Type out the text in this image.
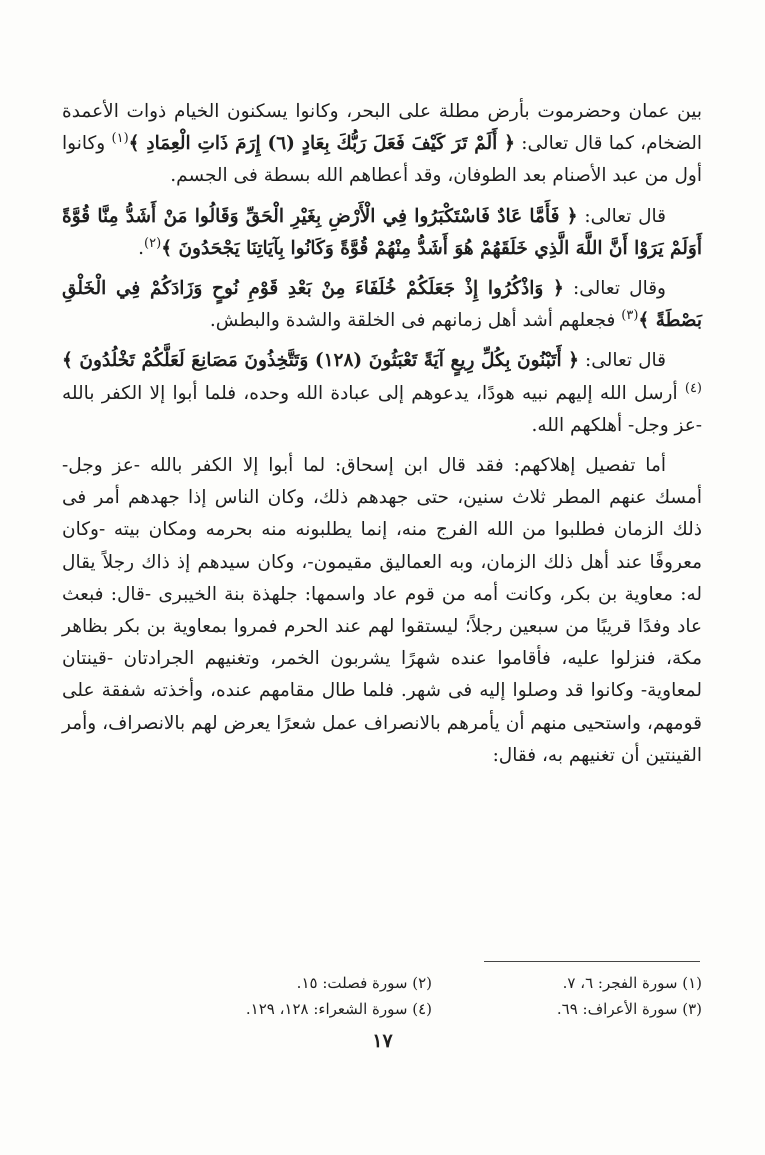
بين عمان وحضرموت بأرض مطلة على البحر، وكانوا يسكنون الخيام ذوات الأعمدة الضخام، كما قال تعالى: ﴿ أَلَمْ تَرَ كَيْفَ فَعَلَ رَبُّكَ بِعَادٍ (٦) إِرَمَ ذَاتِ الْعِمَادِ ﴾$^{(١)}$ وكانوا أول من عبد الأصنام بعد الطوفان، وقد أعطاهم الله بسطة فى الجسم.

قال تعالى: ﴿ فَأَمَّا عَادٌ فَاسْتَكْبَرُوا فِي الْأَرْضِ بِغَيْرِ الْحَقِّ وَقَالُوا مَنْ أَشَدُّ مِنَّا قُوَّةً أَوَلَمْ يَرَوْا أَنَّ اللَّهَ الَّذِي خَلَقَهُمْ هُوَ أَشَدُّ مِنْهُمْ قُوَّةً وَكَانُوا بِآيَاتِنَا يَجْحَدُونَ ﴾$^{(٢)}$.

وقال تعالى: ﴿ وَاذْكُرُوا إِذْ جَعَلَكُمْ خُلَفَاءَ مِنْ بَعْدِ قَوْمِ نُوحٍ وَزَادَكُمْ فِي الْخَلْقِ بَصْطَةً ﴾$^{(٣)}$ فجعلهم أشد أهل زمانهم فى الخلقة والشدة والبطش.

قال تعالى: ﴿ أَتَبْنُونَ بِكُلِّ رِيعٍ آيَةً تَعْبَثُونَ (١٢٨) وَتَتَّخِذُونَ مَصَانِعَ لَعَلَّكُمْ تَخْلُدُونَ ﴾$^{(٤)}$ أرسل الله إليهم نبيه هودًا، يدعوهم إلى عبادة الله وحده، فلما أبوا إلا الكفر بالله -عز وجل- أهلكهم الله.

أما تفصيل إهلاكهم: فقد قال ابن إسحاق: لما أبوا إلا الكفر بالله -عز وجل- أمسك عنهم المطر ثلاث سنين، حتى جهدهم ذلك، وكان الناس إذا جهدهم أمر فى ذلك الزمان فطلبوا من الله الفرج منه، إنما يطلبونه منه بحرمه ومكان بيته -وكان معروفًا عند أهل ذلك الزمان، وبه العماليق مقيمون-، وكان سيدهم إذ ذاك رجلاً يقال له: معاوية بن بكر، وكانت أمه من قوم عاد واسمها: جلهذة بنة الخيبرى -قال: فبعث عاد وفدًا قريبًا من سبعين رجلاً؛ ليستقوا لهم عند الحرم فمروا بمعاوية بن بكر بظاهر مكة، فنزلوا عليه، فأقاموا عنده شهرًا يشربون الخمر، وتغنيهم الجرادتان -قينتان لمعاوية- وكانوا قد وصلوا إليه فى شهر. فلما طال مقامهم عنده، وأخذته شفقة على قومهم، واستحيى منهم أن يأمرهم بالانصراف عمل شعرًا يعرض لهم بالانصراف، وأمر القينتين أن تغنيهم به، فقال:

(١) سورة الفجر: ٦، ٧.
(٢) سورة فصلت: ١٥.
(٣) سورة الأعراف: ٦٩.
(٤) سورة الشعراء: ١٢٨، ١٢٩.
١٧
